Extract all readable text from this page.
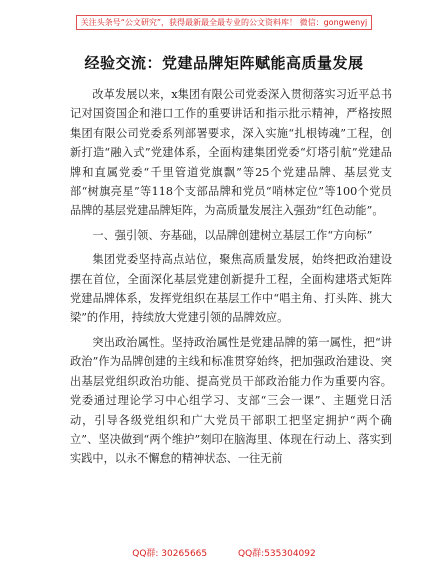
关注头条号“公文研究”，获得最新最全最专业的公文资料库！ 微信：gongwenyj
经验交流：党建品牌矩阵赋能高质量发展

改革发展以来，x集团有限公司党委深入贯彻落实习近平总书记对国资国企和港口工作的重要讲话和指示批示精神，严格按照集团有限公司党委系列部署要求，深入实施“扎根铸魂”工程，创新打造“融入式”党建体系，全面构建集团党委“灯塔引航”党建品牌和直属党委“千里管道党旗飘”等25个党建品牌、基层党支部“树旗亮星”等118个支部品牌和党员“哨林定位”等100个党员品牌的基层党建品牌矩阵，为高质量发展注入强劲“红色动能”。

一、强引领、夯基础，以品牌创建树立基层工作“方向标”

集团党委坚持高点站位，聚焦高质量发展，始终把政治建设摆在首位，全面深化基层党建创新提升工程，全面构建塔式矩阵党建品牌体系，发挥党组织在基层工作中“唱主角、打头阵、挑大梁”的作用，持续放大党建引领的品牌效应。

突出政治属性。坚持政治属性是党建品牌的第一属性，把“讲政治”作为品牌创建的主线和标准贯穿始终，把加强政治建设、突出基层党组织政治功能、提高党员干部政治能力作为重要内容。党委通过理论学习中心组学习、支部“三会一课”、主题党日活动，引导各级党组织和广大党员干部职工把坚定拥护“两个确立”、坚决做到“两个维护”刻印在脑海里、体现在行动上、落实到实践中，以永不懈怠的精神状态、一往无前

QQ群: 30265665	QQ群:535304092
